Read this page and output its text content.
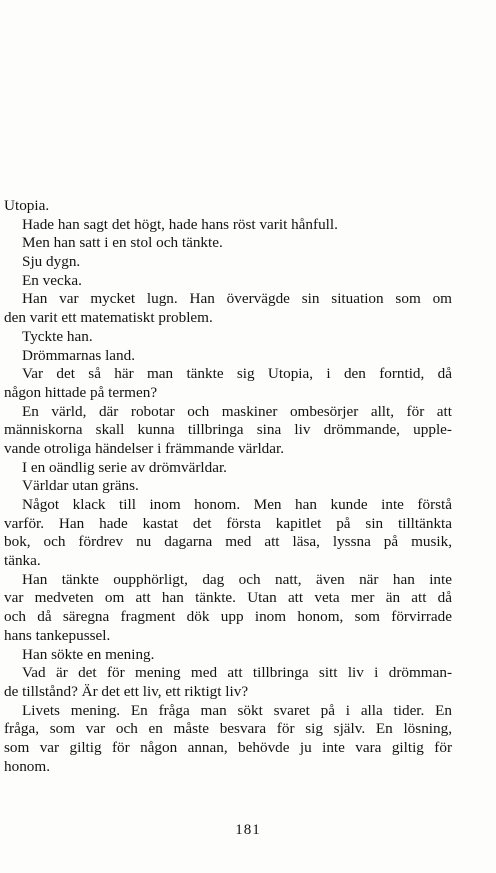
Utopia.
Hade han sagt det högt, hade hans röst varit hånfull.
Men han satt i en stol och tänkte.
Sju dygn.
En vecka.
Han var mycket lugn. Han övervägde sin situation som om
den varit ett matematiskt problem.
Tyckte han.
Drömmarnas land.
Var det så här man tänkte sig Utopia, i den forntid, då
någon hittade på termen?
En värld, där robotar och maskiner ombesörjer allt, för att
människorna skall kunna tillbringa sina liv drömmande, upple-
vande otroliga händelser i främmande världar.
I en oändlig serie av drömvärldar.
Världar utan gräns.
Något klack till inom honom. Men han kunde inte förstå
varför. Han hade kastat det första kapitlet på sin tilltänkta
bok, och fördrev nu dagarna med att läsa, lyssna på musik,
tänka.
Han tänkte oupphörligt, dag och natt, även när han inte
var medveten om att han tänkte. Utan att veta mer än att då
och då säregna fragment dök upp inom honom, som förvirrade
hans tankepussel.
Han sökte en mening.
Vad är det för mening med att tillbringa sitt liv i drömman-
de tillstånd? Är det ett liv, ett riktigt liv?
Livets mening. En fråga man sökt svaret på i alla tider. En
fråga, som var och en måste besvara för sig själv. En lösning,
som var giltig för någon annan, behövde ju inte vara giltig för
honom.
181
